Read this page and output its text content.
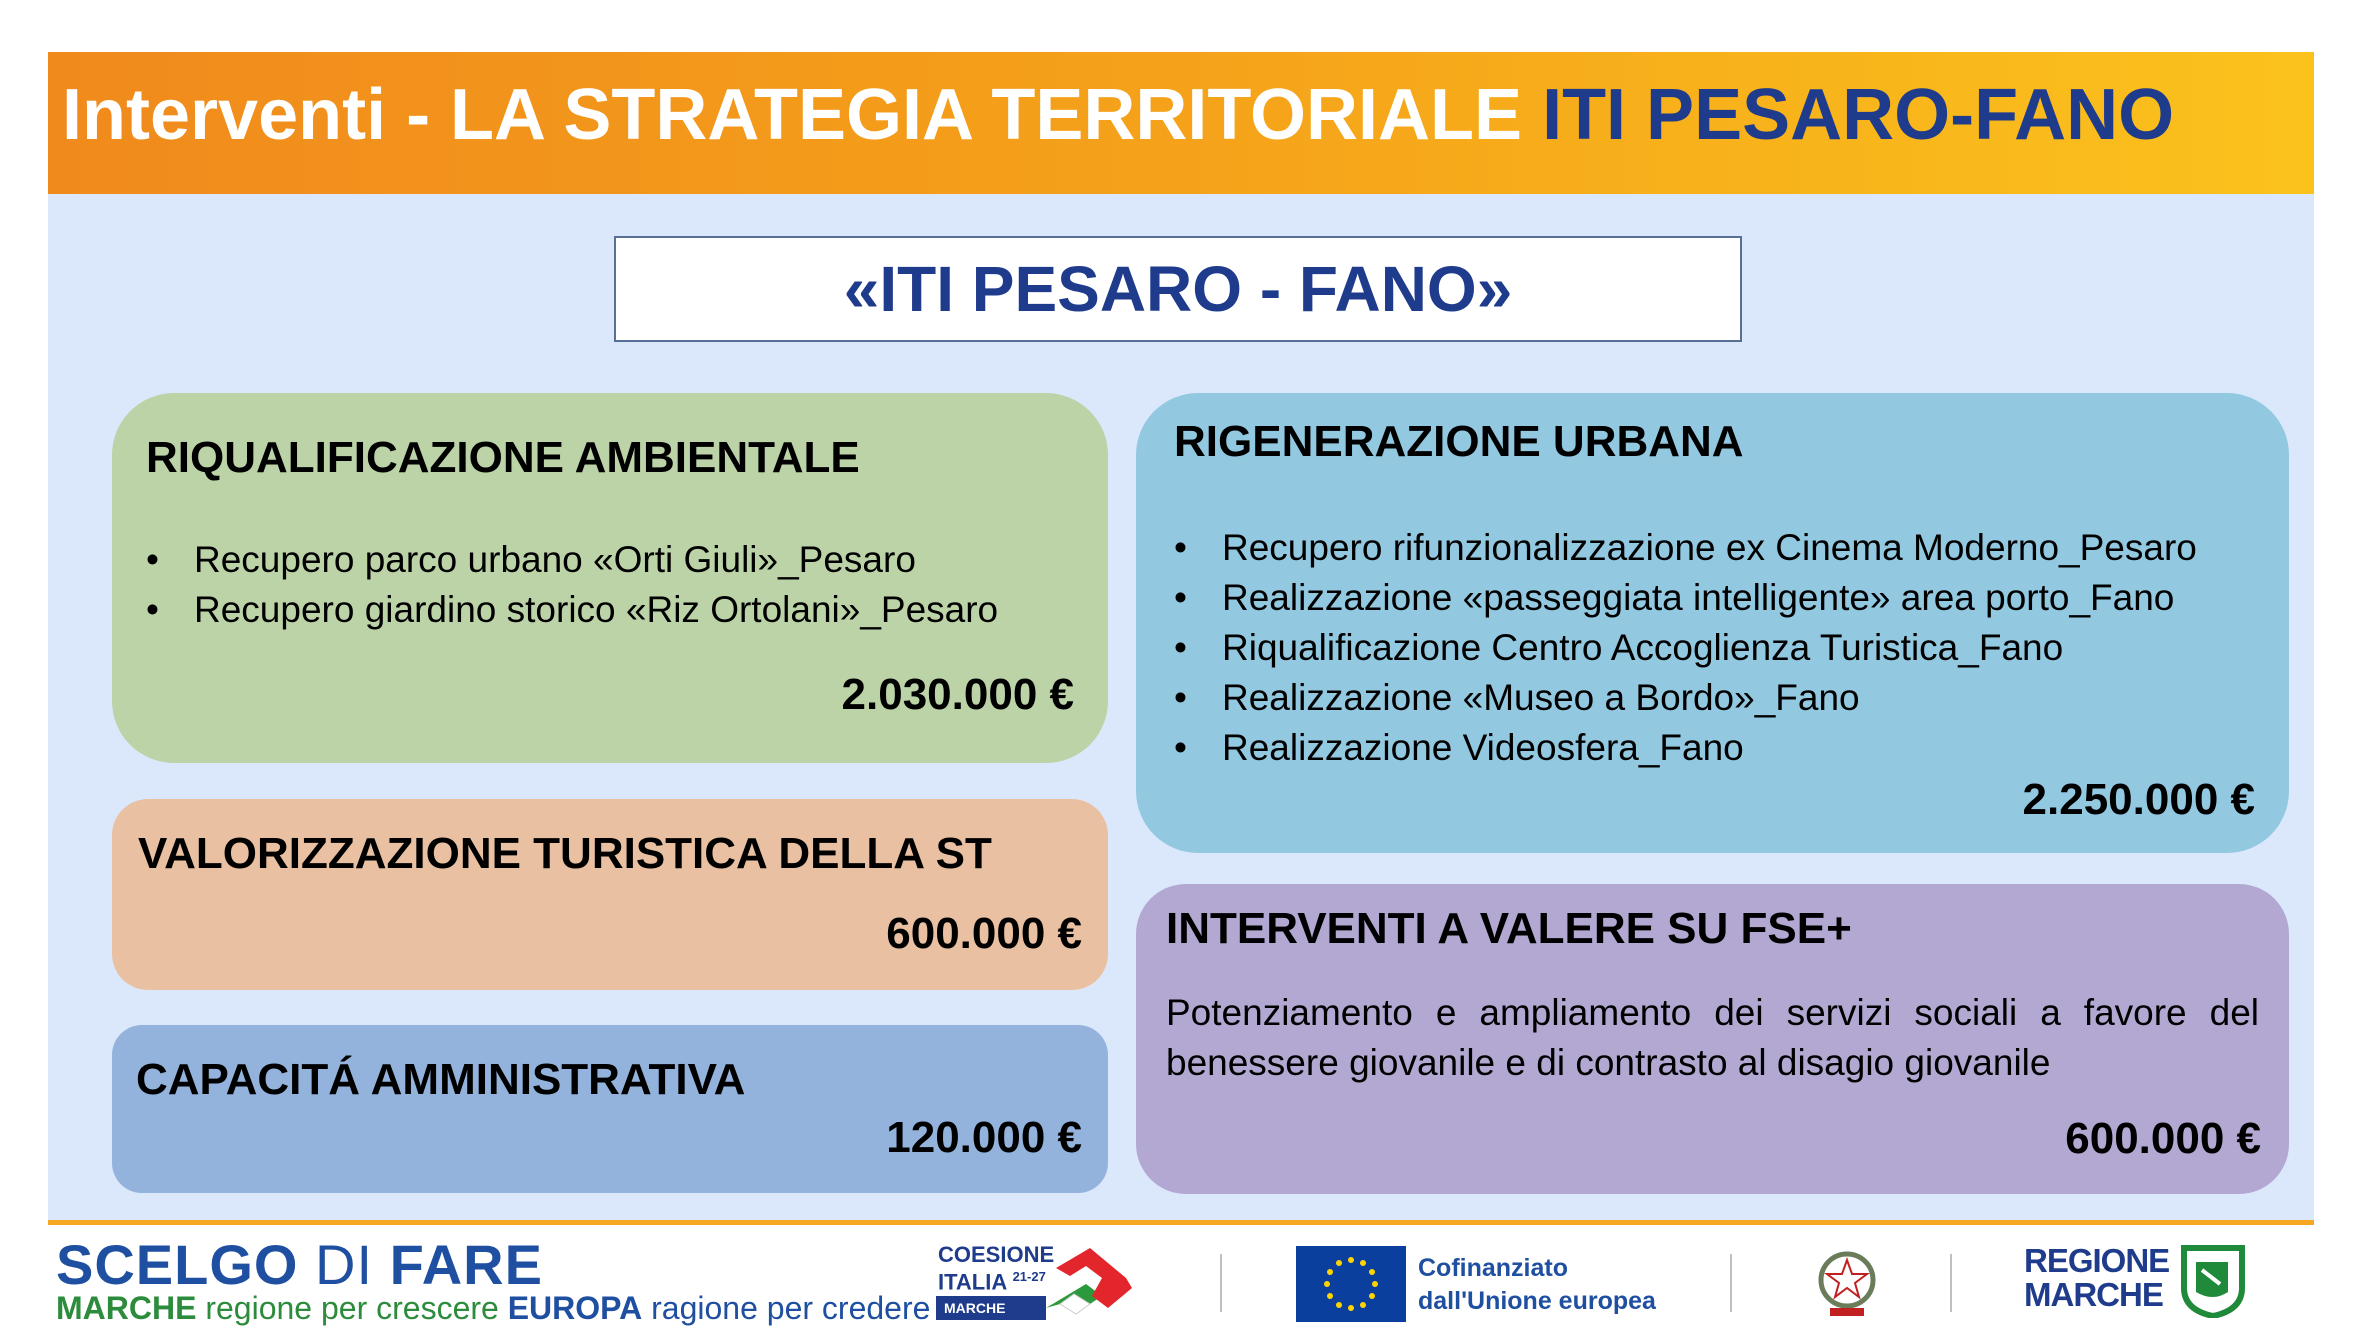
Interventi - LA STRATEGIA TERRITORIALE ITI PESARO-FANO
«ITI PESARO - FANO»
RIQUALIFICAZIONE AMBIENTALE
• Recupero parco urbano «Orti Giuli»_Pesaro
• Recupero giardino storico «Riz Ortolani»_Pesaro
2.030.000 €
RIGENERAZIONE URBANA
• Recupero rifunzionalizzazione ex Cinema Moderno_Pesaro
• Realizzazione «passeggiata intelligente» area porto_Fano
• Riqualificazione Centro Accoglienza Turistica_Fano
• Realizzazione «Museo a Bordo»_Fano
• Realizzazione Videosfera_Fano
2.250.000 €
VALORIZZAZIONE TURISTICA DELLA ST
600.000 €
CAPACITÁ AMMINISTRATIVA
120.000 €
INTERVENTI A VALERE SU FSE+
Potenziamento e ampliamento dei servizi sociali a favore del benessere giovanile e di contrasto al disagio giovanile
600.000 €
SCELGO DI FARE
MARCHE regione per crescere EUROPA ragione per credere
COESIONE
ITALIA $^{21-27}$
MARCHE
Cofinanziato
dall'Unione europea
REGIONE
MARCHE
